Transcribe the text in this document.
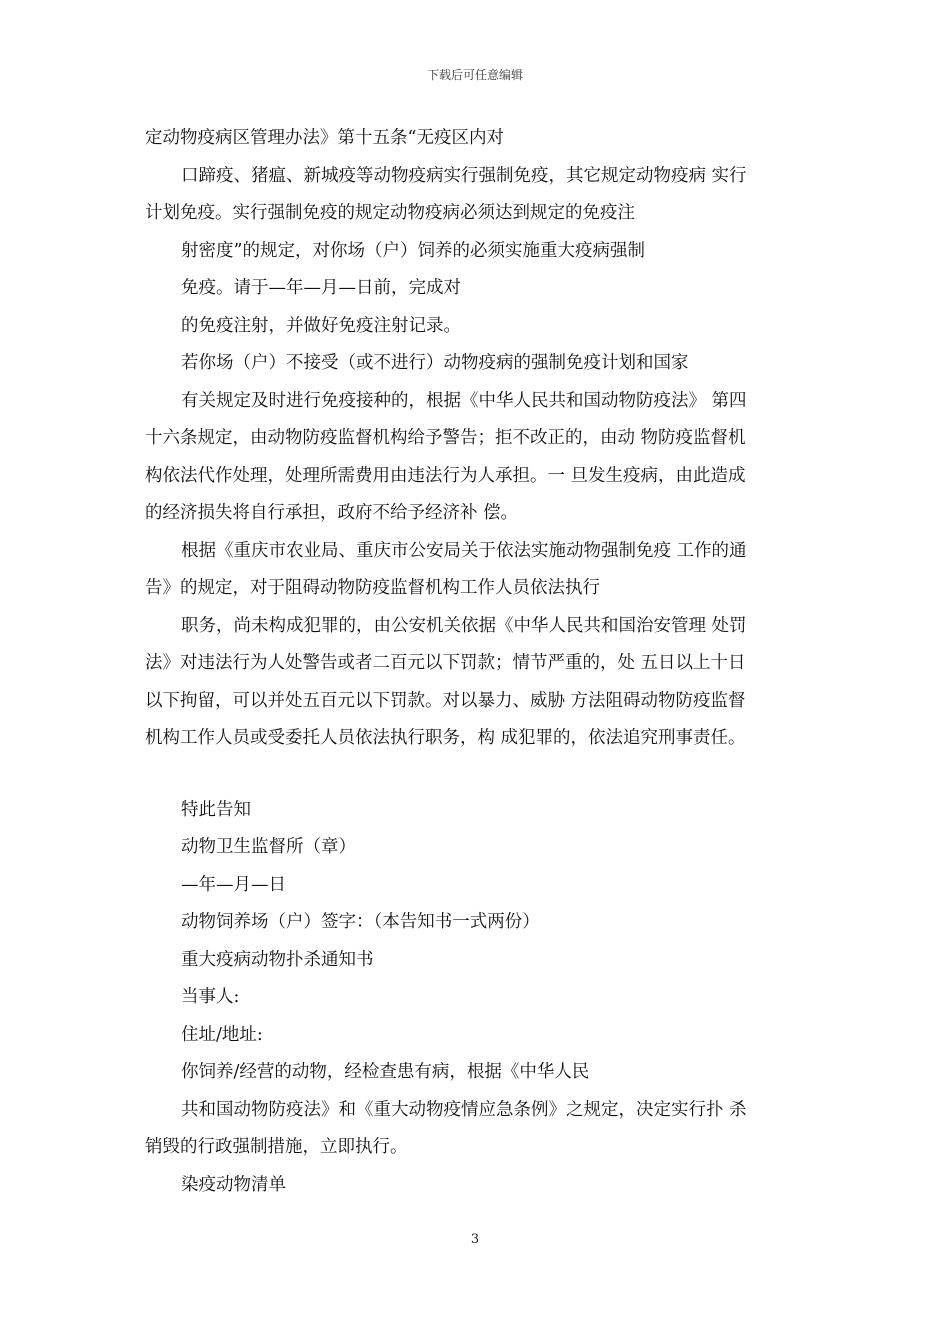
下载后可任意编辑
定动物疫病区管理办法》第十五条“无疫区内对
口蹄疫、猪瘟、新城疫等动物疫病实行强制免疫，其它规定动物疫病 实行
计划免疫。实行强制免疫的规定动物疫病必须达到规定的免疫注
射密度”的规定，对你场（户）饲养的必须实施重大疫病强制
免疫。请于—年—月—日前，完成对
的免疫注射，并做好免疫注射记录。
若你场（户）不接受（或不进行）动物疫病的强制免疫计划和国家
有关规定及时进行免疫接种的，根据《中华人民共和国动物防疫法》 第四
十六条规定，由动物防疫监督机构给予警告；拒不改正的，由动 物防疫监督机
构依法代作处理，处理所需费用由违法行为人承担。一 旦发生疫病，由此造成
的经济损失将自行承担，政府不给予经济补 偿。
根据《重庆市农业局、重庆市公安局关于依法实施动物强制免疫 工作的通
告》的规定，对于阻碍动物防疫监督机构工作人员依法执行
职务，尚未构成犯罪的，由公安机关依据《中华人民共和国治安管理 处罚
法》对违法行为人处警告或者二百元以下罚款；情节严重的，处 五日以上十日
以下拘留，可以并处五百元以下罚款。对以暴力、威胁 方法阻碍动物防疫监督
机构工作人员或受委托人员依法执行职务，构 成犯罪的，依法追究刑事责任。
特此告知
动物卫生监督所（章）
—年—月—日
动物饲养场（户）签字：（本告知书一式两份）
重大疫病动物扑杀通知书
当事人:
住址/地址:
你饲养/经营的动物，经检查患有病，根据《中华人民
共和国动物防疫法》和《重大动物疫情应急条例》之规定，决定实行扑 杀
销毁的行政强制措施，立即执行。
染疫动物清单
3
